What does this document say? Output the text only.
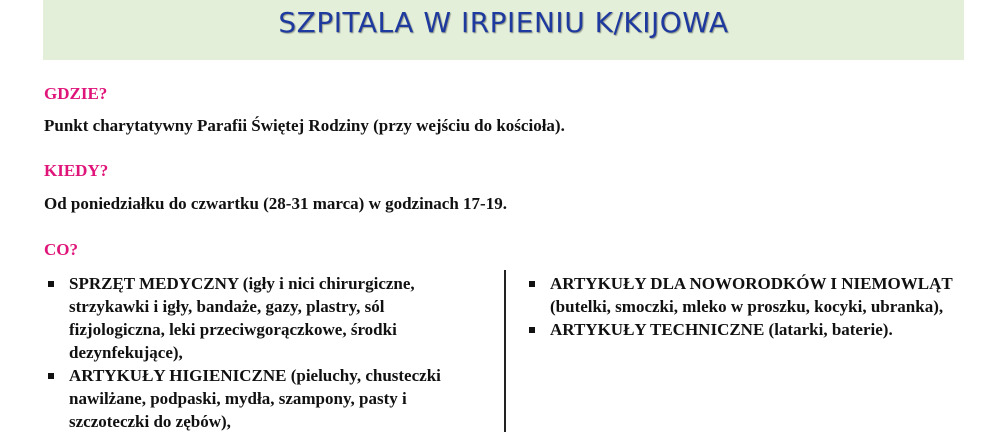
SZPITALA W IRPIENIU K/KIJOWA
GDZIE?
Punkt charytatywny Parafii Świętej Rodziny (przy wejściu do kościoła).
KIEDY?
Od poniedziałku do czwartku (28-31 marca) w godzinach 17-19.
CO?
SPRZĘT MEDYCZNY (igły i nici chirurgiczne, strzykawki i igły, bandaże, gazy, plastry, sól fizjologiczna, leki przeciwgorączkowe, środki dezynfekujące),
ARTYKUŁY HIGIENICZNE (pieluchy, chusteczki nawilżane, podpaski, mydła, szampony, pasty i szczoteczki do zębów),
ARTYKUŁY DLA NOWORODKÓW I NIEMOWLĄT (butelki, smoczki, mleko w proszku, kocyki, ubranka),
ARTYKUŁY TECHNICZNE (latarki, baterie).
